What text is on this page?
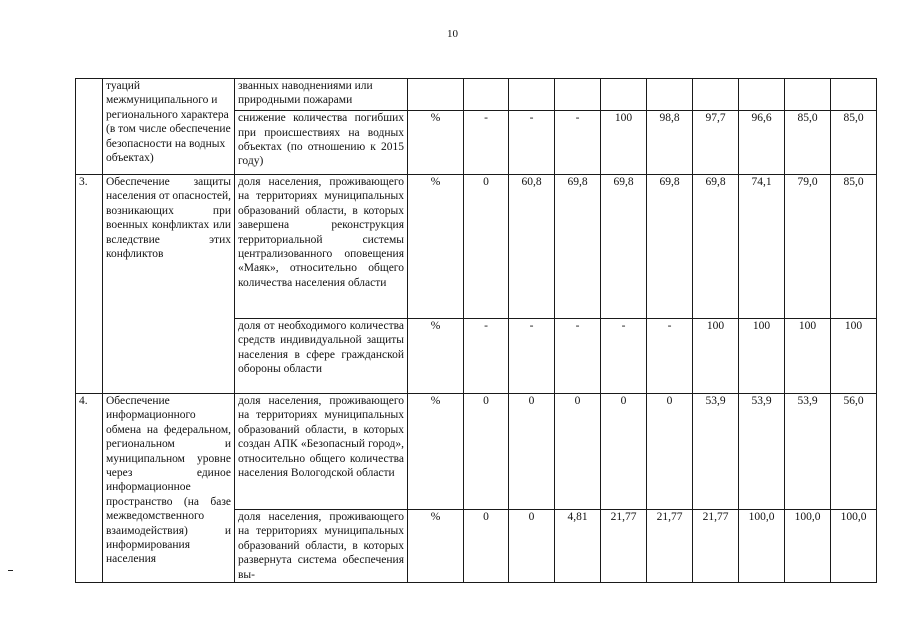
10
	туаций межмуниципального и регионального характера (в том числе обеспечение безопасности на водных объектах)	званных наводнениями или природными пожарами										
		снижение количества погибших при происшествиях на водных объектах (по отношению к 2015 году)	%	-	-	-	100	98,8	97,7	96,6	85,0	85,0
3.	Обеспечение защиты населения от опасностей, возникающих при военных конфликтах или вследствие этих конфликтов	доля населения, проживающего на территориях муниципальных образований области, в которых завершена реконструкция территориальной системы централизованного оповещения «Маяк», относительно общего количества населения области	%	0	60,8	69,8	69,8	69,8	69,8	74,1	79,0	85,0
		доля от необходимого количества средств индивидуальной защиты населения в сфере гражданской обороны области	%	-	-	-	-	-	100	100	100	100
4.	Обеспечение информационного обмена на федеральном, региональном и муниципальном уровне через единое информационное пространство (на базе межведомственного взаимодействия) и информирования населения	доля населения, проживающего на территориях муниципальных образований области, в которых создан АПК «Безопасный город», относительно общего количества населения Вологодской области	%	0	0	0	0	0	53,9	53,9	53,9	56,0
		доля населения, проживающего на территориях муниципальных образований области, в которых развернута система обеспечения вы-	%	0	0	4,81	21,77	21,77	21,77	100,0	100,0	100,0
